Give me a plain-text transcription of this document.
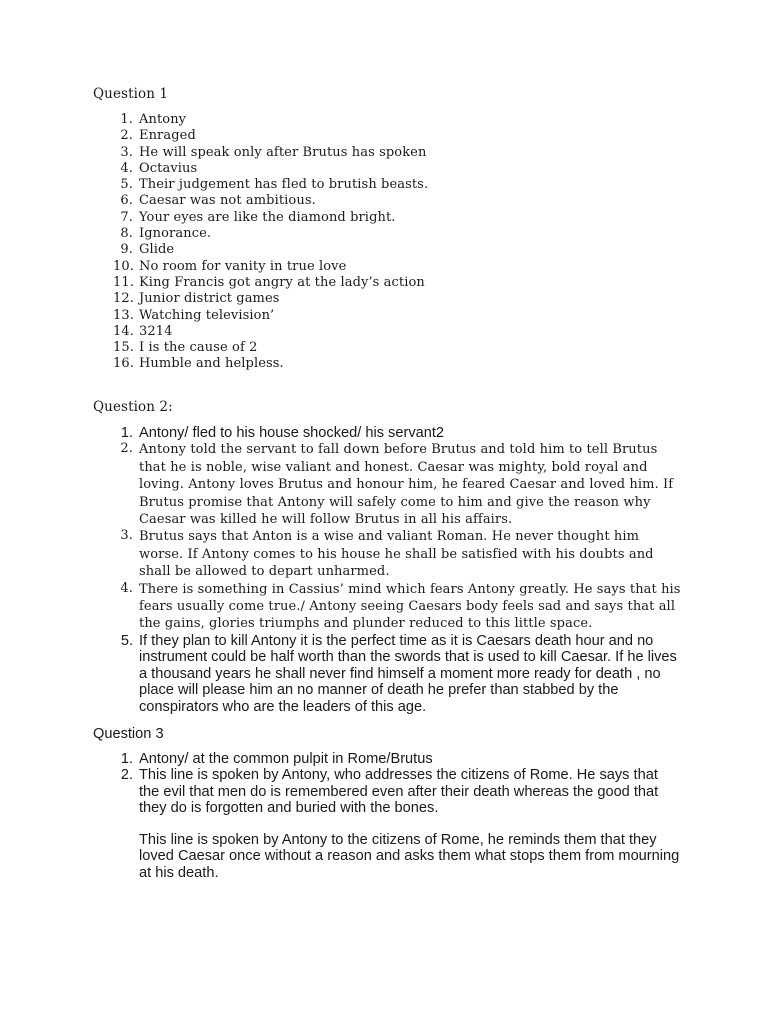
Question 1
1. Antony
2. Enraged
3. He will speak only after Brutus has spoken
4. Octavius
5. Their judgement has fled to brutish beasts.
6. Caesar was not ambitious.
7. Your eyes are like the diamond bright.
8. Ignorance.
9. Glide
10. No room for vanity in true love
11. King Francis got angry at the lady’s action
12. Junior district games
13. Watching television’
14. 3214
15. I is the cause of 2
16. Humble and helpless.
Question 2:
1. Antony/ fled to his house shocked/ his servant2
2. Antony told the servant to fall down before Brutus and told him to tell Brutus that he is noble, wise valiant and honest. Caesar was mighty, bold royal and loving. Antony loves Brutus and honour him, he feared Caesar and loved him. If Brutus promise that Antony will safely come to him and give the reason why Caesar was killed he will follow Brutus in all his affairs.
3. Brutus says that Anton is a wise and valiant Roman. He never thought him worse. If Antony comes to his house he shall be satisfied with his doubts and shall be allowed to depart unharmed.
4. There is something in Cassius’ mind which fears Antony greatly. He says that his fears usually come true./ Antony seeing Caesars body feels sad and says that all the gains, glories triumphs and plunder reduced to this little space.
5. If they plan to kill Antony it is the perfect time as it is Caesars death hour and no instrument could be half worth than the swords that is used to kill Caesar. If he lives a thousand years he shall never find himself a moment more ready for death , no place will please him an no manner of death he prefer than stabbed by the conspirators who are the leaders of this age.
Question 3
1. Antony/ at the common pulpit in Rome/Brutus
2. This line is spoken by Antony, who addresses the citizens of Rome. He says that the evil that men do is remembered even after their death whereas the good that they do is forgotten and buried with the bones.

This line is spoken by Antony to the citizens of Rome, he reminds them that they loved Caesar once without a reason and asks them what stops them from mourning at his death.
